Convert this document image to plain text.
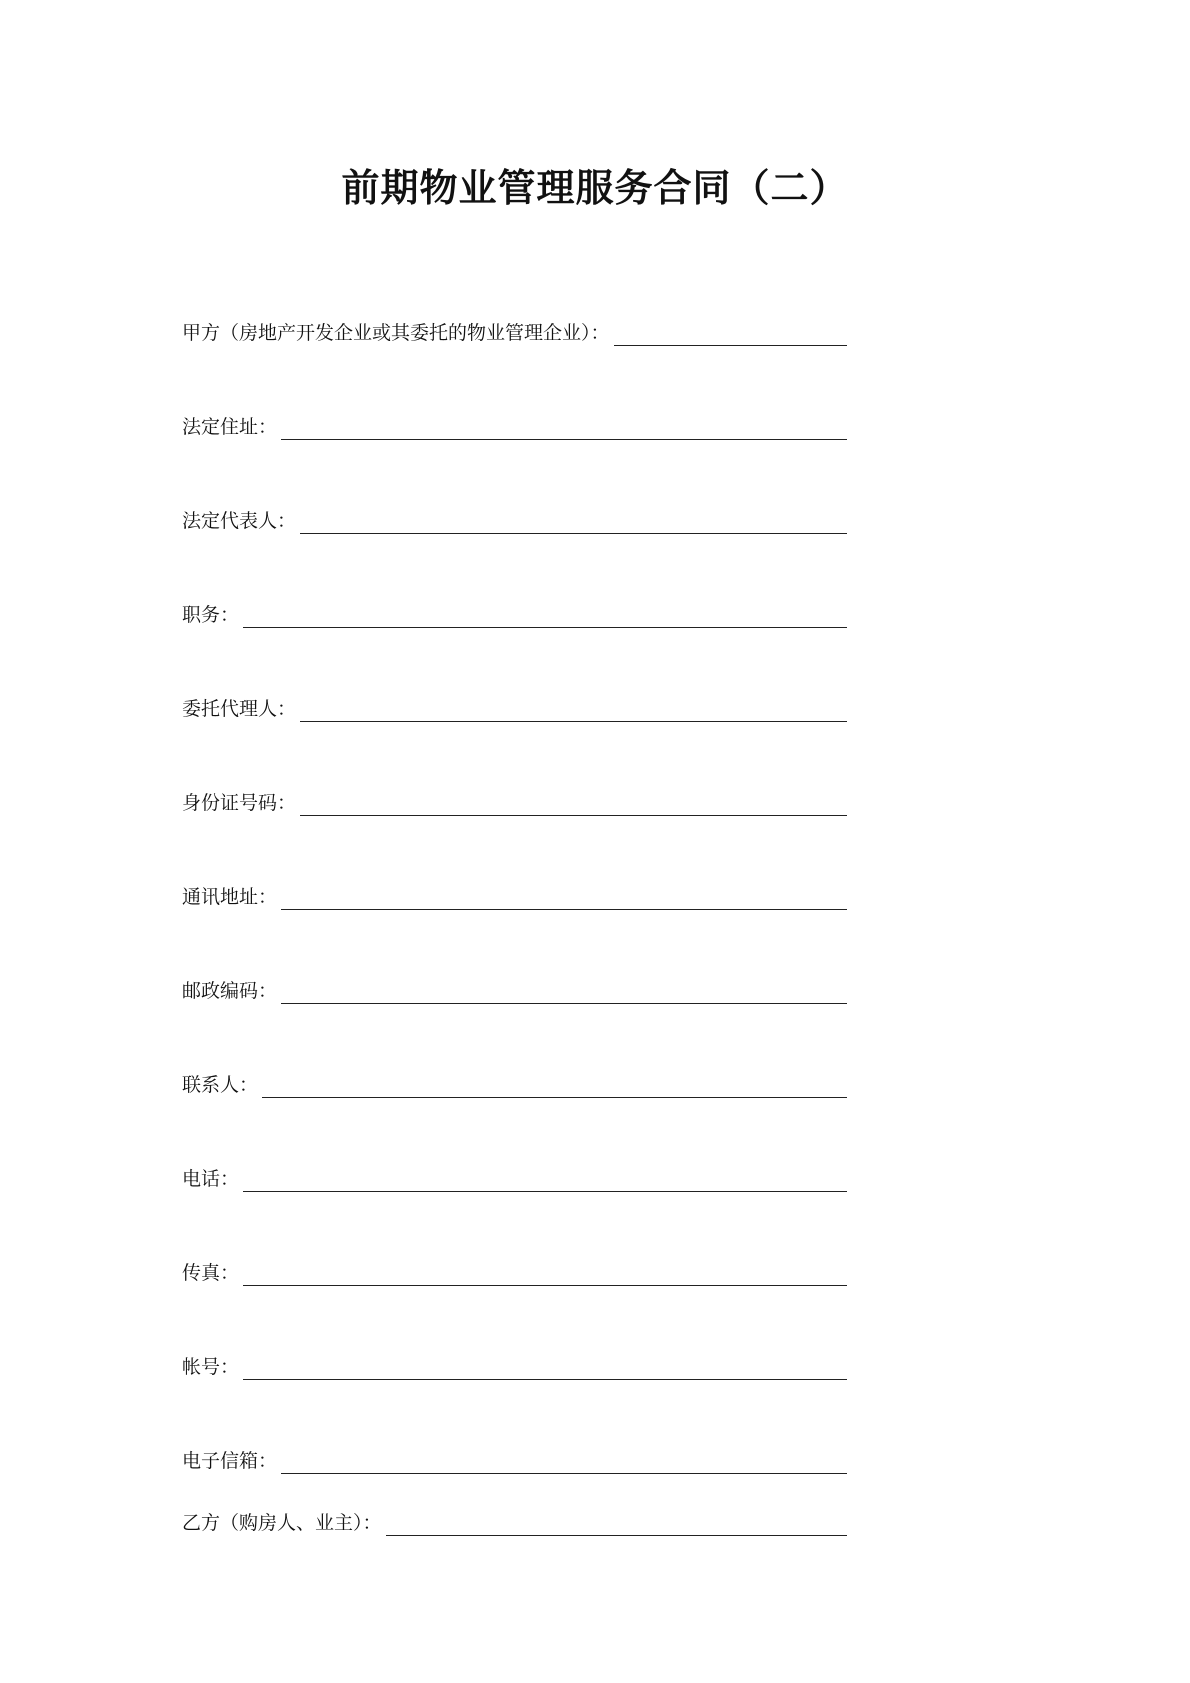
前期物业管理服务合同（二）
甲方（房地产开发企业或其委托的物业管理企业）：
法定住址：
法定代表人：
职务：
委托代理人：
身份证号码：
通讯地址：
邮政编码：
联系人：
电话：
传真：
帐号：
电子信箱：
乙方（购房人、业主）：
